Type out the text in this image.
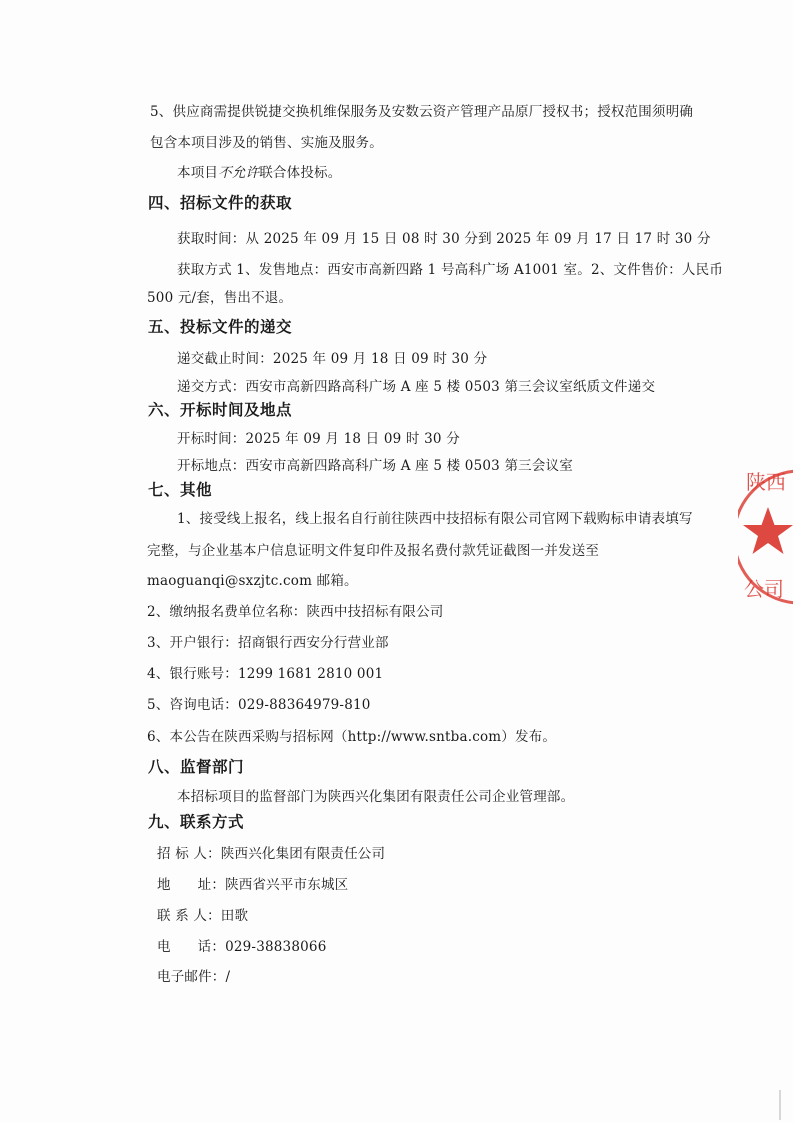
5、供应商需提供锐捷交换机维保服务及安数云资产管理产品原厂授权书；授权范围须明确
包含本项目涉及的销售、实施及服务。
本项目不允许联合体投标。
四、招标文件的获取
获取时间：从 2025 年 09 月 15 日 08 时 30 分到 2025 年 09 月 17 日 17 时 30 分
获取方式 1、发售地点：西安市高新四路 1 号高科广场 A1001 室。2、文件售价：人民币
500 元/套，售出不退。
五、投标文件的递交
递交截止时间：2025 年 09 月 18 日 09 时 30 分
递交方式：西安市高新四路高科广场 A 座 5 楼 0503 第三会议室纸质文件递交
六、开标时间及地点
开标时间：2025 年 09 月 18 日 09 时 30 分
开标地点：西安市高新四路高科广场 A 座 5 楼 0503 第三会议室
七、其他
1、接受线上报名，线上报名自行前往陕西中技招标有限公司官网下载购标申请表填写
完整，与企业基本户信息证明文件复印件及报名费付款凭证截图一并发送至
maoguanqi@sxzjtc.com 邮箱。
2、缴纳报名费单位名称：陕西中技招标有限公司
3、开户银行：招商银行西安分行营业部
4、银行账号：1299 1681 2810 001
5、咨询电话：029-88364979-810
6、本公告在陕西采购与招标网（http://www.sntba.com）发布。
八、监督部门
本招标项目的监督部门为陕西兴化集团有限责任公司企业管理部。
九、联系方式
招 标 人：陕西兴化集团有限责任公司
地      址：陕西省兴平市东城区
联 系 人：田歌
电      话：029-38838066
电子邮件：/
陕西
公司
